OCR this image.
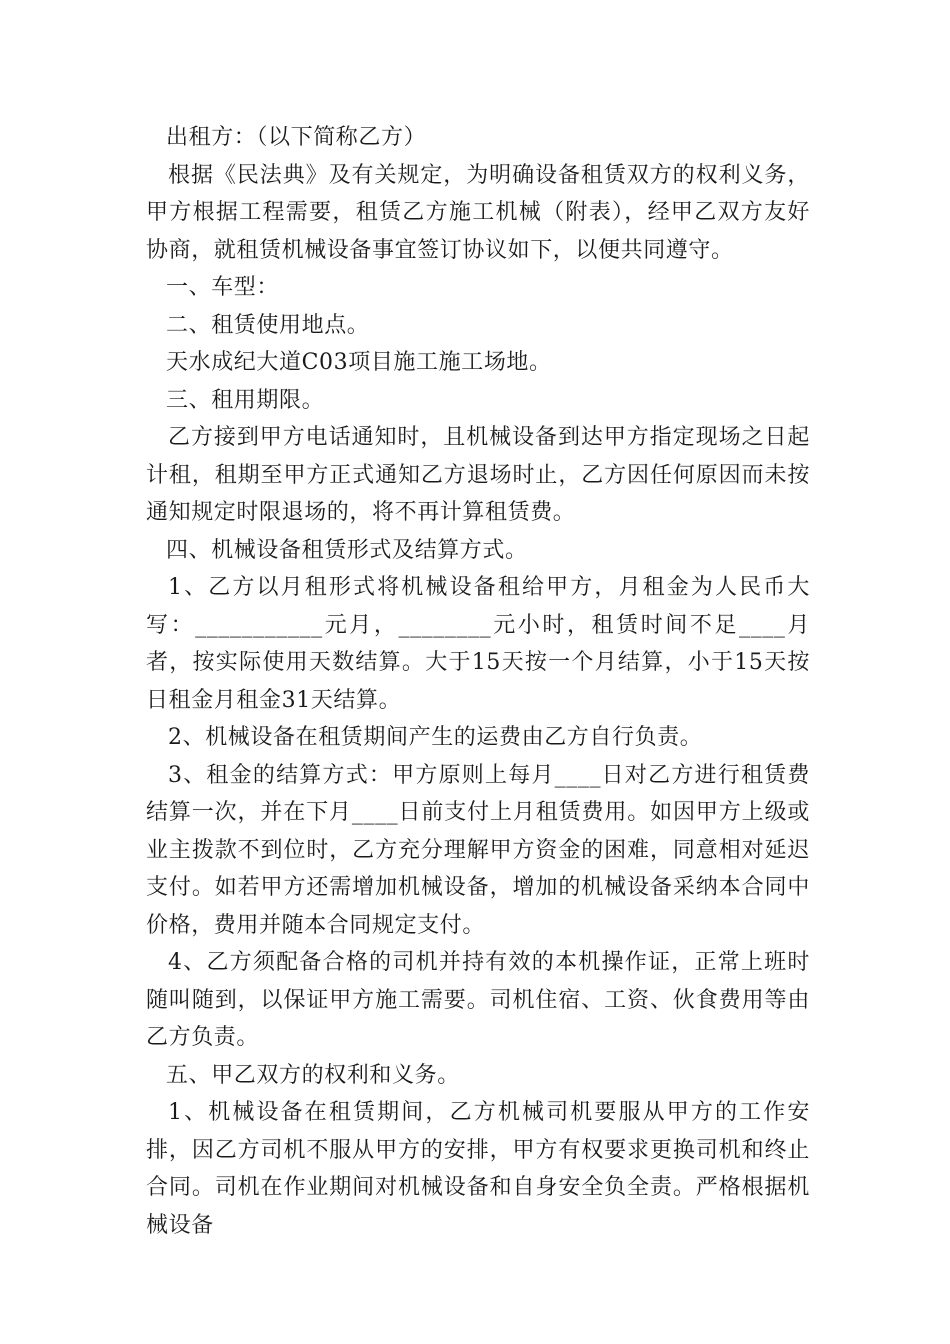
出租方：（以下简称乙方）

根据《民法典》及有关规定，为明确设备租赁双方的权利义务，甲方根据工程需要，租赁乙方施工机械（附表），经甲乙双方友好协商，就租赁机械设备事宜签订协议如下，以便共同遵守。

一、车型：

二、租赁使用地点。

天水成纪大道C03项目施工施工场地。

三、租用期限。

乙方接到甲方电话通知时，且机械设备到达甲方指定现场之日起计租，租期至甲方正式通知乙方退场时止，乙方因任何原因而未按通知规定时限退场的，将不再计算租赁费。

四、机械设备租赁形式及结算方式。

1、乙方以月租形式将机械设备租给甲方，月租金为人民币大写：___________元月，________元小时，租赁时间不足____月者，按实际使用天数结算。大于15天按一个月结算，小于15天按日租金月租金31天结算。

2、机械设备在租赁期间产生的运费由乙方自行负责。

3、租金的结算方式：甲方原则上每月____日对乙方进行租赁费结算一次，并在下月____日前支付上月租赁费用。如因甲方上级或业主拨款不到位时，乙方充分理解甲方资金的困难，同意相对延迟支付。如若甲方还需增加机械设备，增加的机械设备采纳本合同中价格，费用并随本合同规定支付。

4、乙方须配备合格的司机并持有效的本机操作证，正常上班时随叫随到，以保证甲方施工需要。司机住宿、工资、伙食费用等由乙方负责。

五、甲乙双方的权利和义务。

1、机械设备在租赁期间，乙方机械司机要服从甲方的工作安排，因乙方司机不服从甲方的安排，甲方有权要求更换司机和终止合同。司机在作业期间对机械设备和自身安全负全责。严格根据机械设备
